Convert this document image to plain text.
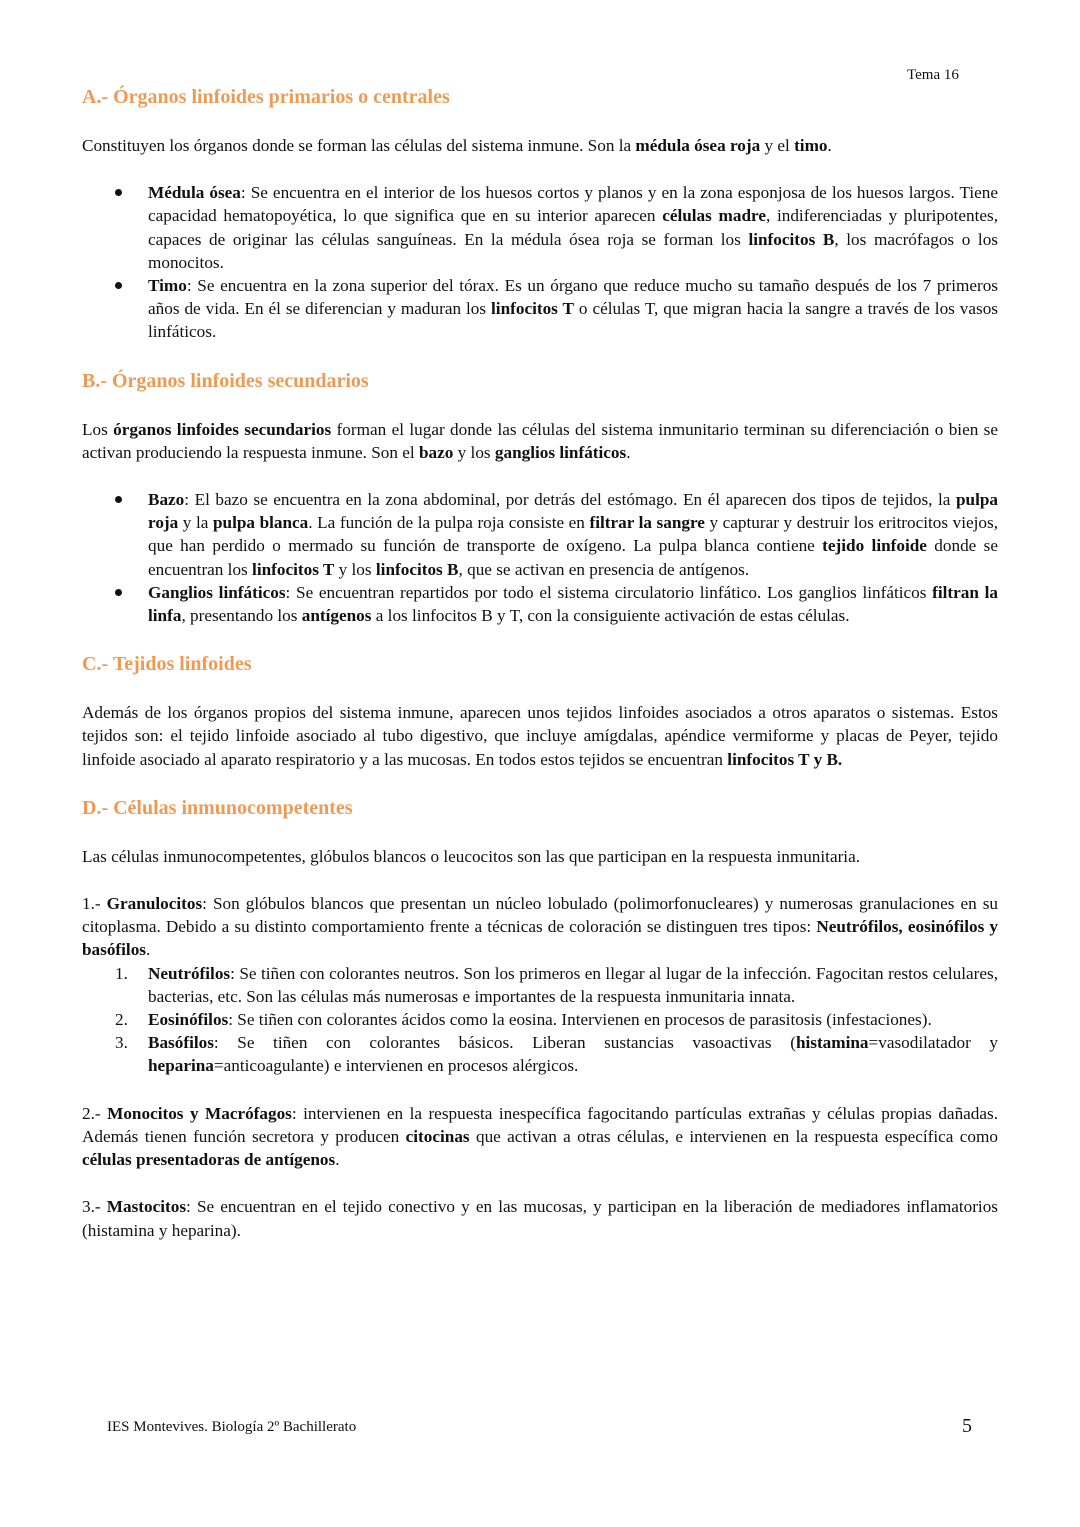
Tema 16
A.- Órganos linfoides primarios o centrales

Constituyen los órganos donde se forman las células del sistema inmune. Son la médula ósea roja y el timo.

Médula ósea: Se encuentra en el interior de los huesos cortos y planos y en la zona esponjosa de los huesos largos. Tiene capacidad hematopoyética, lo que significa que en su interior aparecen células madre, indiferenciadas y pluripotentes, capaces de originar las células sanguíneas. En la médula ósea roja se forman los linfocitos B, los macrófagos o los monocitos.
Timo: Se encuentra en la zona superior del tórax. Es un órgano que reduce mucho su tamaño después de los 7 primeros años de vida. En él se diferencian y maduran los linfocitos T o células T, que migran hacia la sangre a través de los vasos linfáticos.
B.- Órganos linfoides secundarios

Los órganos linfoides secundarios forman el lugar donde las células del sistema inmunitario terminan su diferenciación o bien se activan produciendo la respuesta inmune. Son el bazo y los ganglios linfáticos.

Bazo: El bazo se encuentra en la zona abdominal, por detrás del estómago. En él aparecen dos tipos de tejidos, la pulpa roja y la pulpa blanca. La función de la pulpa roja consiste en filtrar la sangre y capturar y destruir los eritrocitos viejos, que han perdido o mermado su función de transporte de oxígeno. La pulpa blanca contiene tejido linfoide donde se encuentran los linfocitos T y los linfocitos B, que se activan en presencia de antígenos.
Ganglios linfáticos: Se encuentran repartidos por todo el sistema circulatorio linfático. Los ganglios linfáticos filtran la linfa, presentando los antígenos a los linfocitos B y T, con la consiguiente activación de estas células.
C.- Tejidos linfoides

Además de los órganos propios del sistema inmune, aparecen unos tejidos linfoides asociados a otros aparatos o sistemas. Estos tejidos son: el tejido linfoide asociado al tubo digestivo, que incluye amígdalas, apéndice vermiforme y placas de Peyer, tejido linfoide asociado al aparato respiratorio y a las mucosas. En todos estos tejidos se encuentran linfocitos T y B.

D.- Células inmunocompetentes

Las células inmunocompetentes, glóbulos blancos o leucocitos son las que participan en la respuesta inmunitaria.

1.- Granulocitos: Son glóbulos blancos que presentan un núcleo lobulado (polimorfonucleares) y numerosas granulaciones en su citoplasma. Debido a su distinto comportamiento frente a técnicas de coloración se distinguen tres tipos: Neutrófilos, eosinófilos y basófilos.

1. Neutrófilos: Se tiñen con colorantes neutros. Son los primeros en llegar al lugar de la infección. Fagocitan restos celulares, bacterias, etc. Son las células más numerosas e importantes de la respuesta inmunitaria innata.
2. Eosinófilos: Se tiñen con colorantes ácidos como la eosina. Intervienen en procesos de parasitosis (infestaciones).
3. Basófilos: Se tiñen con colorantes básicos. Liberan sustancias vasoactivas (histamina=vasodilatador y heparina=anticoagulante) e intervienen en procesos alérgicos.

2.- Monocitos y Macrófagos: intervienen en la respuesta inespecífica fagocitando partículas extrañas y células propias dañadas. Además tienen función secretora y producen citocinas que activan a otras células, e intervienen en la respuesta específica como células presentadoras de antígenos.

3.- Mastocitos: Se encuentran en el tejido conectivo y en las mucosas, y participan en la liberación de mediadores inflamatorios (histamina y heparina).

IES Montevives. Biología 2º Bachillerato	5
